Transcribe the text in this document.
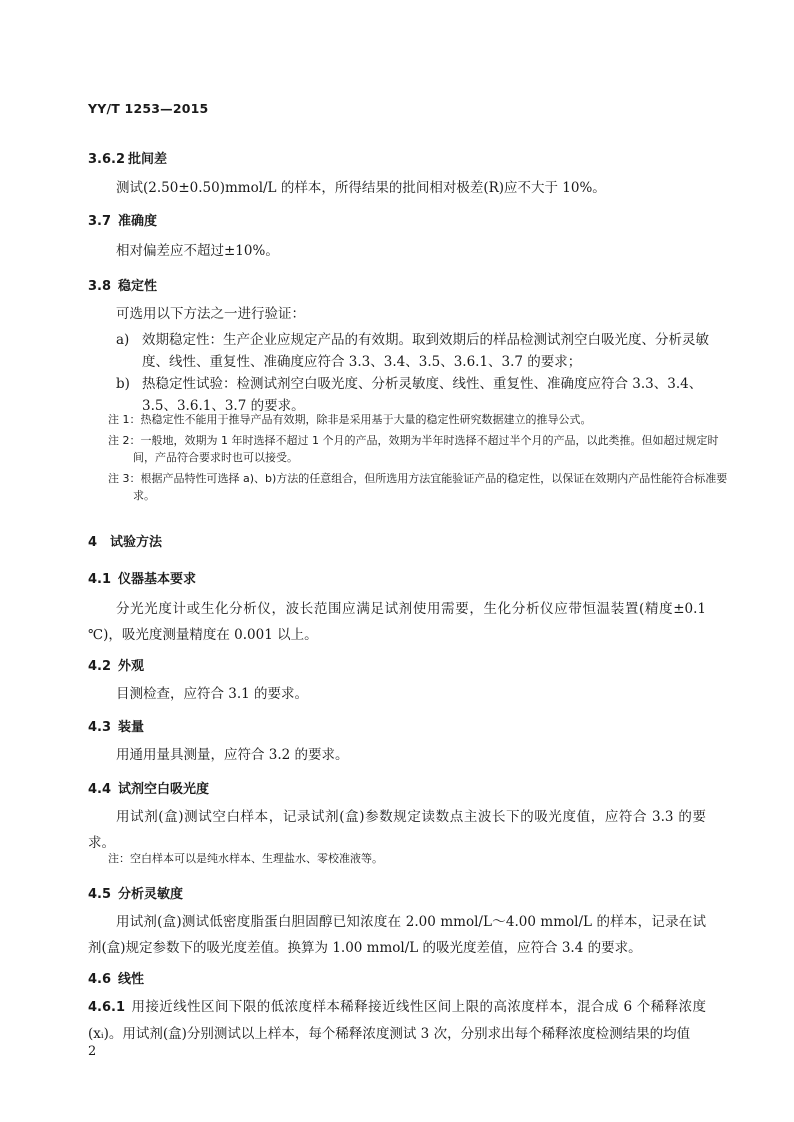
YY/T 1253—2015
3.6.2 批间差
测试(2.50±0.50)mmol/L 的样本，所得结果的批间相对极差(R)应不大于 10%。
3.7 准确度
相对偏差应不超过±10%。
3.8 稳定性
可选用以下方法之一进行验证：
a) 效期稳定性：生产企业应规定产品的有效期。取到效期后的样品检测试剂空白吸光度、分析灵敏度、线性、重复性、准确度应符合 3.3、3.4、3.5、3.6.1、3.7 的要求；
b) 热稳定性试验：检测试剂空白吸光度、分析灵敏度、线性、重复性、准确度应符合 3.3、3.4、3.5、3.6.1、3.7 的要求。
注 1：热稳定性不能用于推导产品有效期，除非是采用基于大量的稳定性研究数据建立的推导公式。
注 2：一般地，效期为 1 年时选择不超过 1 个月的产品，效期为半年时选择不超过半个月的产品，以此类推。但如超过规定时间，产品符合要求时也可以接受。
注 3：根据产品特性可选择 a)、b)方法的任意组合，但所选用方法宜能验证产品的稳定性，以保证在效期内产品性能符合标准要求。
4 试验方法
4.1 仪器基本要求
分光光度计或生化分析仪，波长范围应满足试剂使用需要，生化分析仪应带恒温装置(精度±0.1 ℃)，吸光度测量精度在 0.001 以上。
4.2 外观
目测检查，应符合 3.1 的要求。
4.3 装量
用通用量具测量，应符合 3.2 的要求。
4.4 试剂空白吸光度
用试剂(盒)测试空白样本，记录试剂(盒)参数规定读数点主波长下的吸光度值，应符合 3.3 的要求。
注：空白样本可以是纯水样本、生理盐水、零校准液等。
4.5 分析灵敏度
用试剂(盒)测试低密度脂蛋白胆固醇已知浓度在 2.00 mmol/L～4.00 mmol/L 的样本，记录在试剂(盒)规定参数下的吸光度差值。换算为 1.00 mmol/L 的吸光度差值，应符合 3.4 的要求。
4.6 线性
4.6.1 用接近线性区间下限的低浓度样本稀释接近线性区间上限的高浓度样本，混合成 6 个稀释浓度(xᵢ)。用试剂(盒)分别测试以上样本，每个稀释浓度测试 3 次，分别求出每个稀释浓度检测结果的均值
2
